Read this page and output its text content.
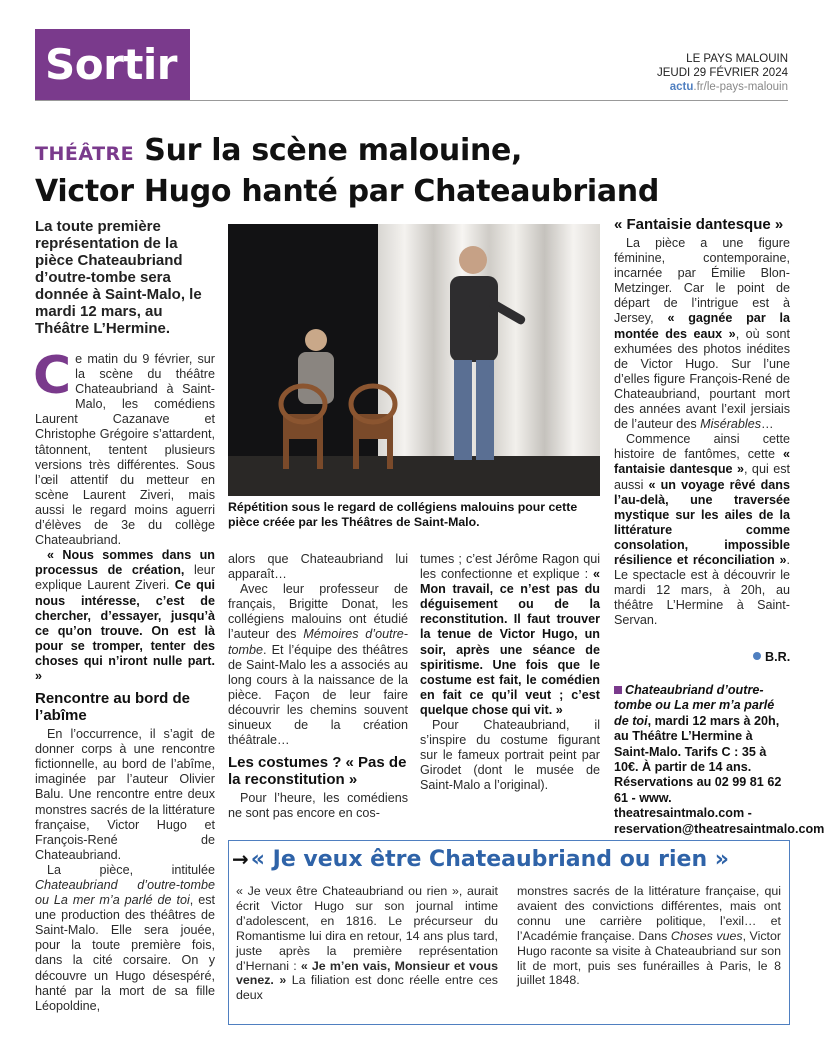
Sortir	LE PAYS MALOUIN
JEUDI 29 FÉVRIER 2024
actu.fr/le-pays-malouin
THÉÂTRE Sur la scène malouine,
Victor Hugo hanté par Chateaubriand
La toute première représentation de la pièce Chateaubriand d’outre-tombe sera donnée à Saint-Malo, le mardi 12 mars, au Théâtre L’Hermine.

Ce matin du 9 février, sur la scène du théâtre Chateaubriand à Saint-Malo, les comédiens Laurent Cazanave et Christophe Grégoire s’attardent, tâtonnent, tentent plusieurs versions très différentes. Sous l’œil attentif du metteur en scène Laurent Ziveri, mais aussi le regard moins aguerri d’élèves de 3e du collège Chateaubriand.

« Nous sommes dans un processus de création, leur explique Laurent Ziveri. Ce qui nous intéresse, c’est de chercher, d’essayer, jusqu’à ce qu’on trouve. On est là pour se tromper, tenter des choses qui n’iront nulle part. »

Rencontre au bord de l’abîme

En l’occurrence, il s’agit de donner corps à une rencontre fictionnelle, au bord de l’abîme, imaginée par l’auteur Olivier Balu. Une rencontre entre deux monstres sacrés de la littérature française, Victor Hugo et François-René de Chateaubriand.

La pièce, intitulée Chateaubriand d’outre-tombe ou La mer m’a parlé de toi, est une production des théâtres de Saint-Malo. Elle sera jouée, pour la toute première fois, dans la cité corsaire. On y découvre un Hugo désespéré, hanté par la mort de sa fille Léopoldine,

Répétition sous le regard de collégiens malouins pour cette pièce créée par les Théâtres de Saint-Malo.

alors que Chateaubriand lui apparaît…

Avec leur professeur de français, Brigitte Donat, les collégiens malouins ont étudié l’auteur des Mémoires d’outre-tombe. Et l’équipe des théâtres de Saint-Malo les a associés au long cours à la naissance de la pièce. Façon de leur faire découvrir les chemins souvent sinueux de la création théâtrale…

Les costumes ? « Pas de la reconstitution »

Pour l’heure, les comédiens ne sont pas encore en cos-

tumes ; c’est Jérôme Ragon qui les confectionne et explique : « Mon travail, ce n’est pas du déguisement ou de la reconstitution. Il faut trouver la tenue de Victor Hugo, un soir, après une séance de spiritisme. Une fois que le costume est fait, le comédien en fait ce qu’il veut ; c’est quelque chose qui vit. »

Pour Chateaubriand, il s’inspire du costume figurant sur le fameux portrait peint par Girodet (dont le musée de Saint-Malo a l’original).

« Fantaisie dantesque »

La pièce a une figure féminine, contemporaine, incarnée par Émilie Blon-Metzinger. Car le point de départ de l’intrigue est à Jersey, « gagnée par la montée des eaux », où sont exhumées des photos inédites de Victor Hugo. Sur l’une d’elles figure François-René de Chateaubriand, pourtant mort des années avant l’exil jersiais de l’auteur des Misérables…

Commence ainsi cette histoire de fantômes, cette « fantaisie dantesque », qui est aussi « un voyage rêvé dans l’au-delà, une traversée mystique sur les ailes de la littérature comme consolation, impossible résilience et réconciliation ». Le spectacle est à découvrir le mardi 12 mars, à 20h, au théâtre L’Hermine à Saint-Servan.

B.R.
Chateaubriand d’outre-tombe ou La mer m’a parlé de toi, mardi 12 mars à 20h, au Théâtre L’Hermine à Saint-Malo. Tarifs C : 35 à 10€. À partir de 14 ans. Réservations au 02 99 81 62 61 - www. theatresaintmalo.com - reservation@theatresaintmalo.com
→« Je veux être Chateaubriand ou rien »

« Je veux être Chateaubriand ou rien », aurait écrit Victor Hugo sur son journal intime d’adolescent, en 1816. Le précurseur du Romantisme lui dira en retour, 14 ans plus tard, juste après la première représentation d’Hernani : « Je m’en vais, Monsieur et vous venez. » La filiation est donc réelle entre ces deux

monstres sacrés de la littérature française, qui avaient des convictions différentes, mais ont connu une carrière politique, l’exil… et l’Académie française. Dans Choses vues, Victor Hugo raconte sa visite à Chateaubriand sur son lit de mort, puis ses funérailles à Paris, le 8 juillet 1848.
